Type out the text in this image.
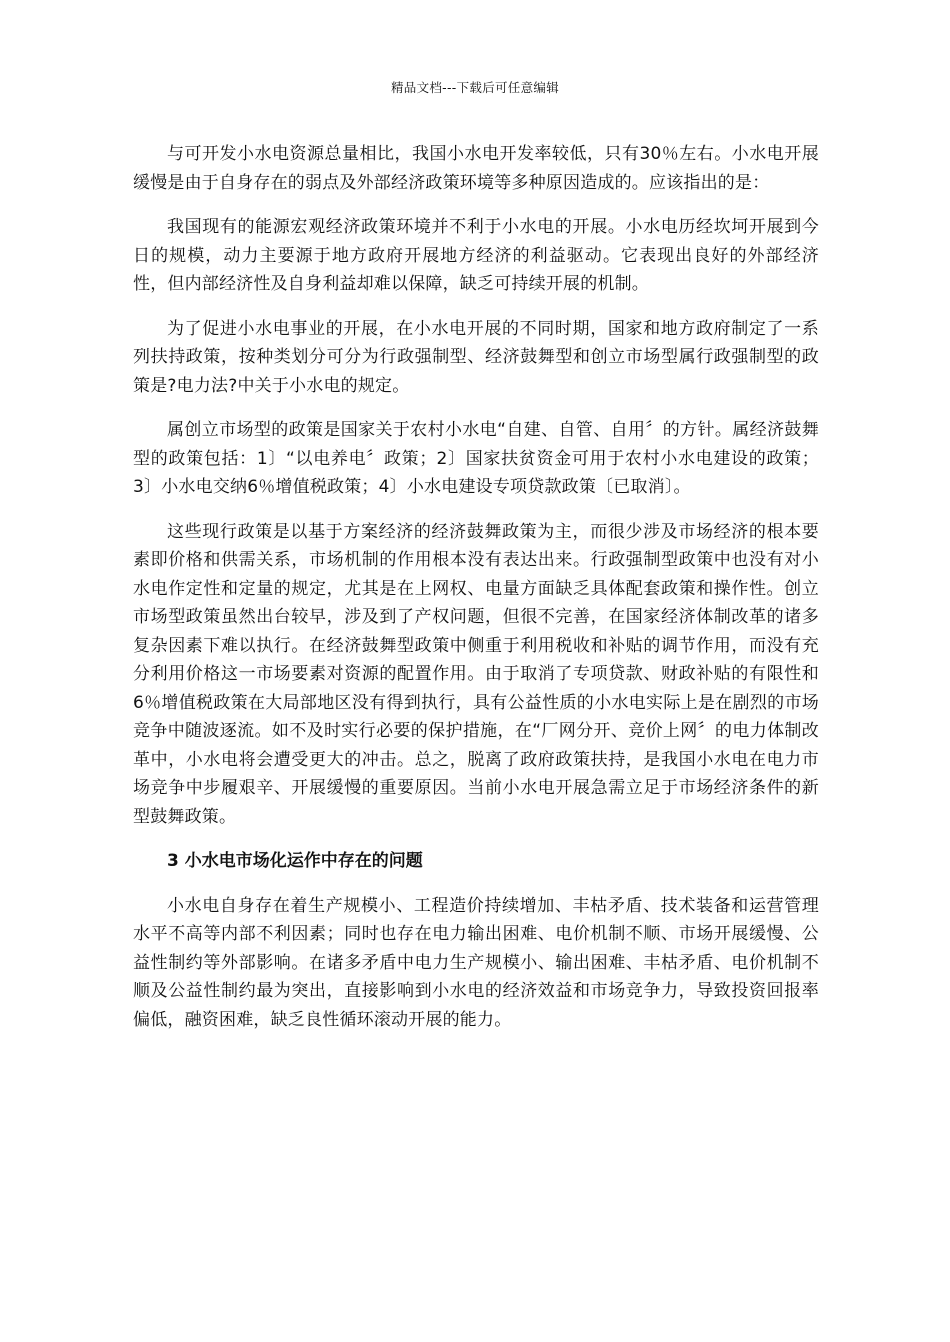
精品文档---下载后可任意编辑

与可开发小水电资源总量相比，我国小水电开发率较低，只有30％左右。小水电开展缓慢是由于自身存在的弱点及外部经济政策环境等多种原因造成的。应该指出的是：

我国现有的能源宏观经济政策环境并不利于小水电的开展。小水电历经坎坷开展到今日的规模，动力主要源于地方政府开展地方经济的利益驱动。它表现出良好的外部经济性，但内部经济性及自身利益却难以保障，缺乏可持续开展的机制。

为了促进小水电事业的开展，在小水电开展的不同时期，国家和地方政府制定了一系列扶持政策，按种类划分可分为行政强制型、经济鼓舞型和创立市场型属行政强制型的政策是?电力法?中关于小水电的规定。

属创立市场型的政策是国家关于农村小水电“自建、自管、自用〞的方针。属经济鼓舞型的政策包括：1〕“以电养电〞政策；2〕国家扶贫资金可用于农村小水电建设的政策；3〕小水电交纳6％增值税政策；4〕小水电建设专项贷款政策〔已取消〕。

这些现行政策是以基于方案经济的经济鼓舞政策为主，而很少涉及市场经济的根本要素即价格和供需关系，市场机制的作用根本没有表达出来。行政强制型政策中也没有对小水电作定性和定量的规定，尤其是在上网权、电量方面缺乏具体配套政策和操作性。创立市场型政策虽然出台较早，涉及到了产权问题，但很不完善，在国家经济体制改革的诸多复杂因素下难以执行。在经济鼓舞型政策中侧重于利用税收和补贴的调节作用，而没有充分利用价格这一市场要素对资源的配置作用。由于取消了专项贷款、财政补贴的有限性和6％增值税政策在大局部地区没有得到执行，具有公益性质的小水电实际上是在剧烈的市场竞争中随波逐流。如不及时实行必要的保护措施，在“厂网分开、竞价上网〞的电力体制改革中，小水电将会遭受更大的冲击。总之，脱离了政府政策扶持，是我国小水电在电力市场竞争中步履艰辛、开展缓慢的重要原因。当前小水电开展急需立足于市场经济条件的新型鼓舞政策。

3 小水电市场化运作中存在的问题

小水电自身存在着生产规模小、工程造价持续增加、丰枯矛盾、技术装备和运营管理水平不高等内部不利因素；同时也存在电力输出困难、电价机制不顺、市场开展缓慢、公益性制约等外部影响。在诸多矛盾中电力生产规模小、输出困难、丰枯矛盾、电价机制不顺及公益性制约最为突出，直接影响到小水电的经济效益和市场竞争力，导致投资回报率偏低，融资困难，缺乏良性循环滚动开展的能力。
